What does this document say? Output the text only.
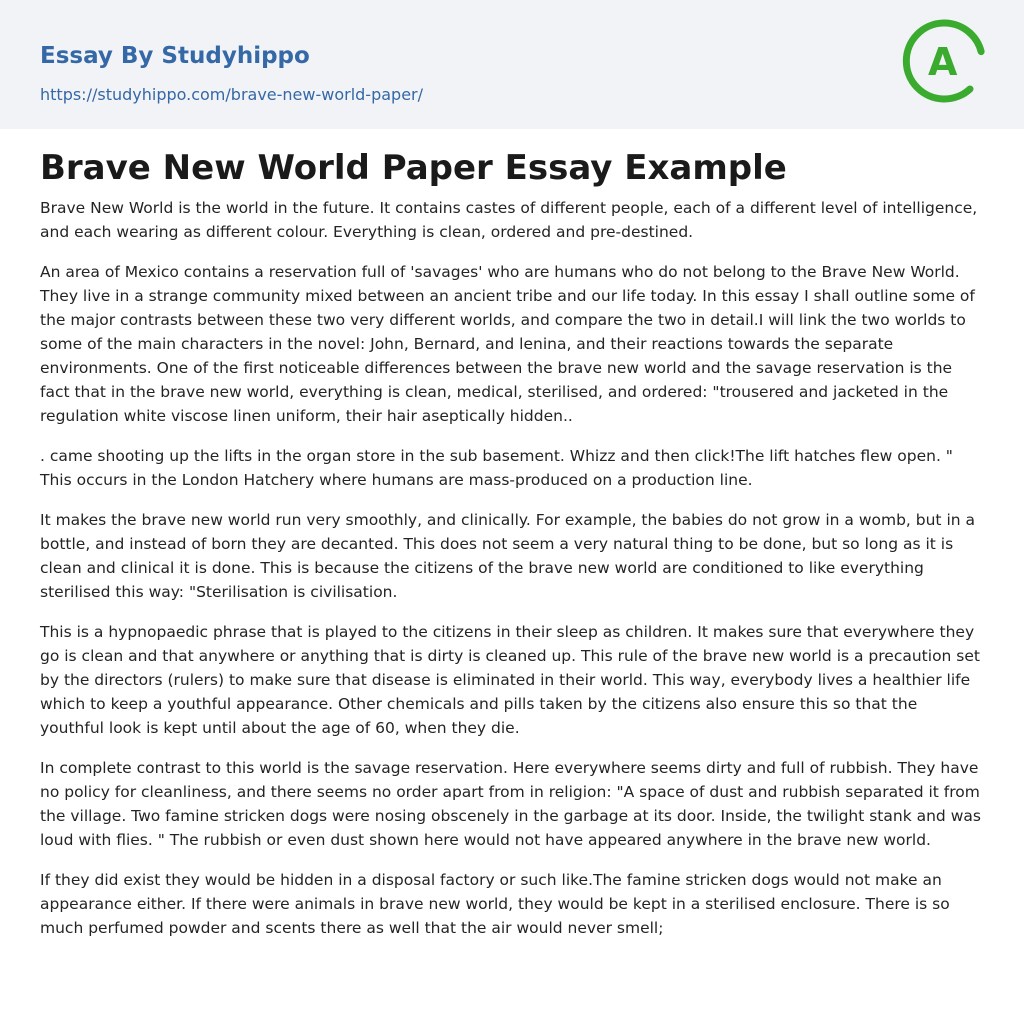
Essay By Studyhippo
https://studyhippo.com/brave-new-world-paper/
A
Brave New World Paper Essay Example

Brave New World is the world in the future. It contains castes of different people, each of a different level of intelligence, and each wearing as different colour. Everything is clean, ordered and pre-destined.

An area of Mexico contains a reservation full of 'savages' who are humans who do not belong to the Brave New World. They live in a strange community mixed between an ancient tribe and our life today. In this essay I shall outline some of the major contrasts between these two very different worlds, and compare the two in detail.I will link the two worlds to some of the main characters in the novel: John, Bernard, and lenina, and their reactions towards the separate environments. One of the first noticeable differences between the brave new world and the savage reservation is the fact that in the brave new world, everything is clean, medical, sterilised, and ordered: "trousered and jacketed in the regulation white viscose linen uniform, their hair aseptically hidden..

. came shooting up the lifts in the organ store in the sub basement. Whizz and then click!The lift hatches flew open. " This occurs in the London Hatchery where humans are mass-produced on a production line.

It makes the brave new world run very smoothly, and clinically. For example, the babies do not grow in a womb, but in a bottle, and instead of born they are decanted. This does not seem a very natural thing to be done, but so long as it is clean and clinical it is done. This is because the citizens of the brave new world are conditioned to like everything sterilised this way: "Sterilisation is civilisation.

This is a hypnopaedic phrase that is played to the citizens in their sleep as children. It makes sure that everywhere they go is clean and that anywhere or anything that is dirty is cleaned up. This rule of the brave new world is a precaution set by the directors (rulers) to make sure that disease is eliminated in their world. This way, everybody lives a healthier life which to keep a youthful appearance. Other chemicals and pills taken by the citizens also ensure this so that the youthful look is kept until about the age of 60, when they die.

In complete contrast to this world is the savage reservation. Here everywhere seems dirty and full of rubbish. They have no policy for cleanliness, and there seems no order apart from in religion: "A space of dust and rubbish separated it from the village. Two famine stricken dogs were nosing obscenely in the garbage at its door. Inside, the twilight stank and was loud with flies. " The rubbish or even dust shown here would not have appeared anywhere in the brave new world.

If they did exist they would be hidden in a disposal factory or such like.The famine stricken dogs would not make an appearance either. If there were animals in brave new world, they would be kept in a sterilised enclosure. There is so much perfumed powder and scents there as well that the air would never smell;
